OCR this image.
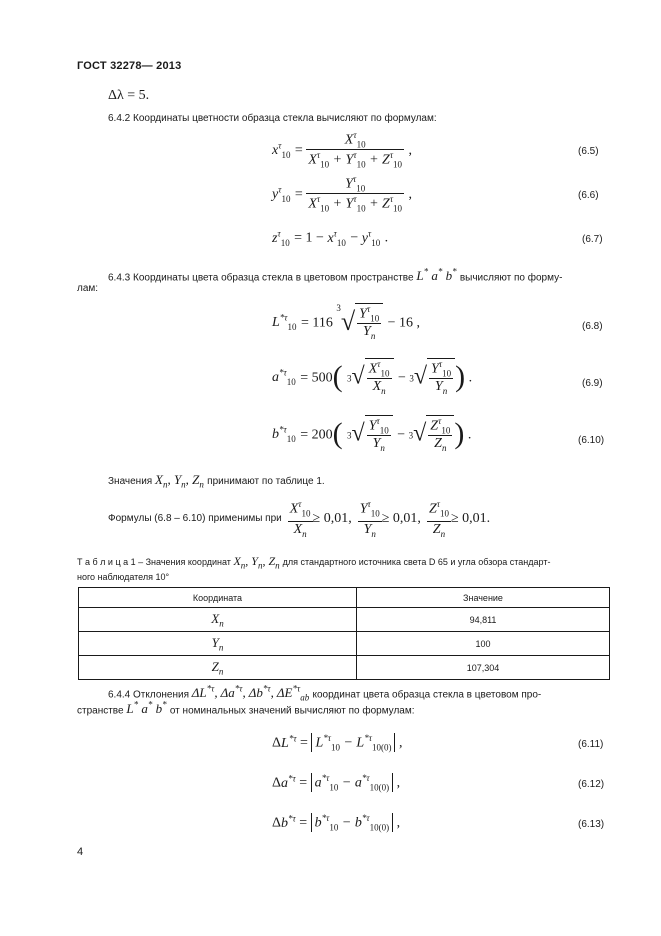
ГОСТ 32278— 2013
Δλ = 5.
6.4.2 Координаты цветности образца стекла вычисляют по формулам:
$x^\tau_{10} = \frac{X^\tau_{10}}{X^\tau_{10} + Y^\tau_{10} + Z^\tau_{10}}$ ,	(6.5)
$y^\tau_{10} = \frac{Y^\tau_{10}}{X^\tau_{10} + Y^\tau_{10} + Z^\tau_{10}}$ ,	(6.6)
$z^\tau_{10} = 1 - x^\tau_{10} - y^\tau_{10}$ .	(6.7)
6.4.3 Координаты цвета образца стекла в цветовом пространстве L* a* b* вычисляют по форму-
лам:
$L^{*\tau}_{10} = 116$ $^3√ \frac{Y^\tau_{10}}{Y_n} - 16$ ,	(6.8)
$a^{*\tau}_{10} = 500$( $3√ \frac{X^\tau_{10}}{X_n} - 3√ \frac{Y^\tau_{10}}{Y_n}$ ) .	(6.9)
$b^{*\tau}_{10} = 200$( $3√ \frac{Y^\tau_{10}}{Y_n} - 3√ \frac{Z^\tau_{10}}{Z_n}$ ) .	(6.10)
Значения $X_n$, $Y_n$, $Z_n$ принимают по таблице 1.
Формулы (6.8 – 6.10) применимы при $\frac{X^\tau_{10}}{X_n} \ge 0,01$, $\frac{Y^\tau_{10}}{Y_n} \ge 0,01$, $\frac{Z^\tau_{10}}{Z_n} \ge 0,01$.
Т а б л и ц а 1 – Значения координат $X_n$, $Y_n$, $Z_n$ для стандартного источника света D 65 и угла обзора стандарт-
ного наблюдателя 10°
Координата	Значение
$X_n$	94,811
$Y_n$	100
$Z_n$	107,304
6.4.4 Отклонения $\Delta L^{*\tau}$, $\Delta a^{*\tau}$, $\Delta b^{*\tau}$, $\Delta E^{*\tau}_{ab}$ координат цвета образца стекла в цветовом про-
странстве L* a* b* от номинальных значений вычисляют по формулам:
$\Delta L^{*\tau} = L^{*\tau}_{10} - L^{*\tau}_{10(0)}$ ,	(6.11)
$\Delta a^{*\tau} = a^{*\tau}_{10} - a^{*\tau}_{10(0)}$ ,	(6.12)
$\Delta b^{*\tau} = b^{*\tau}_{10} - b^{*\tau}_{10(0)}$ ,	(6.13)
4
